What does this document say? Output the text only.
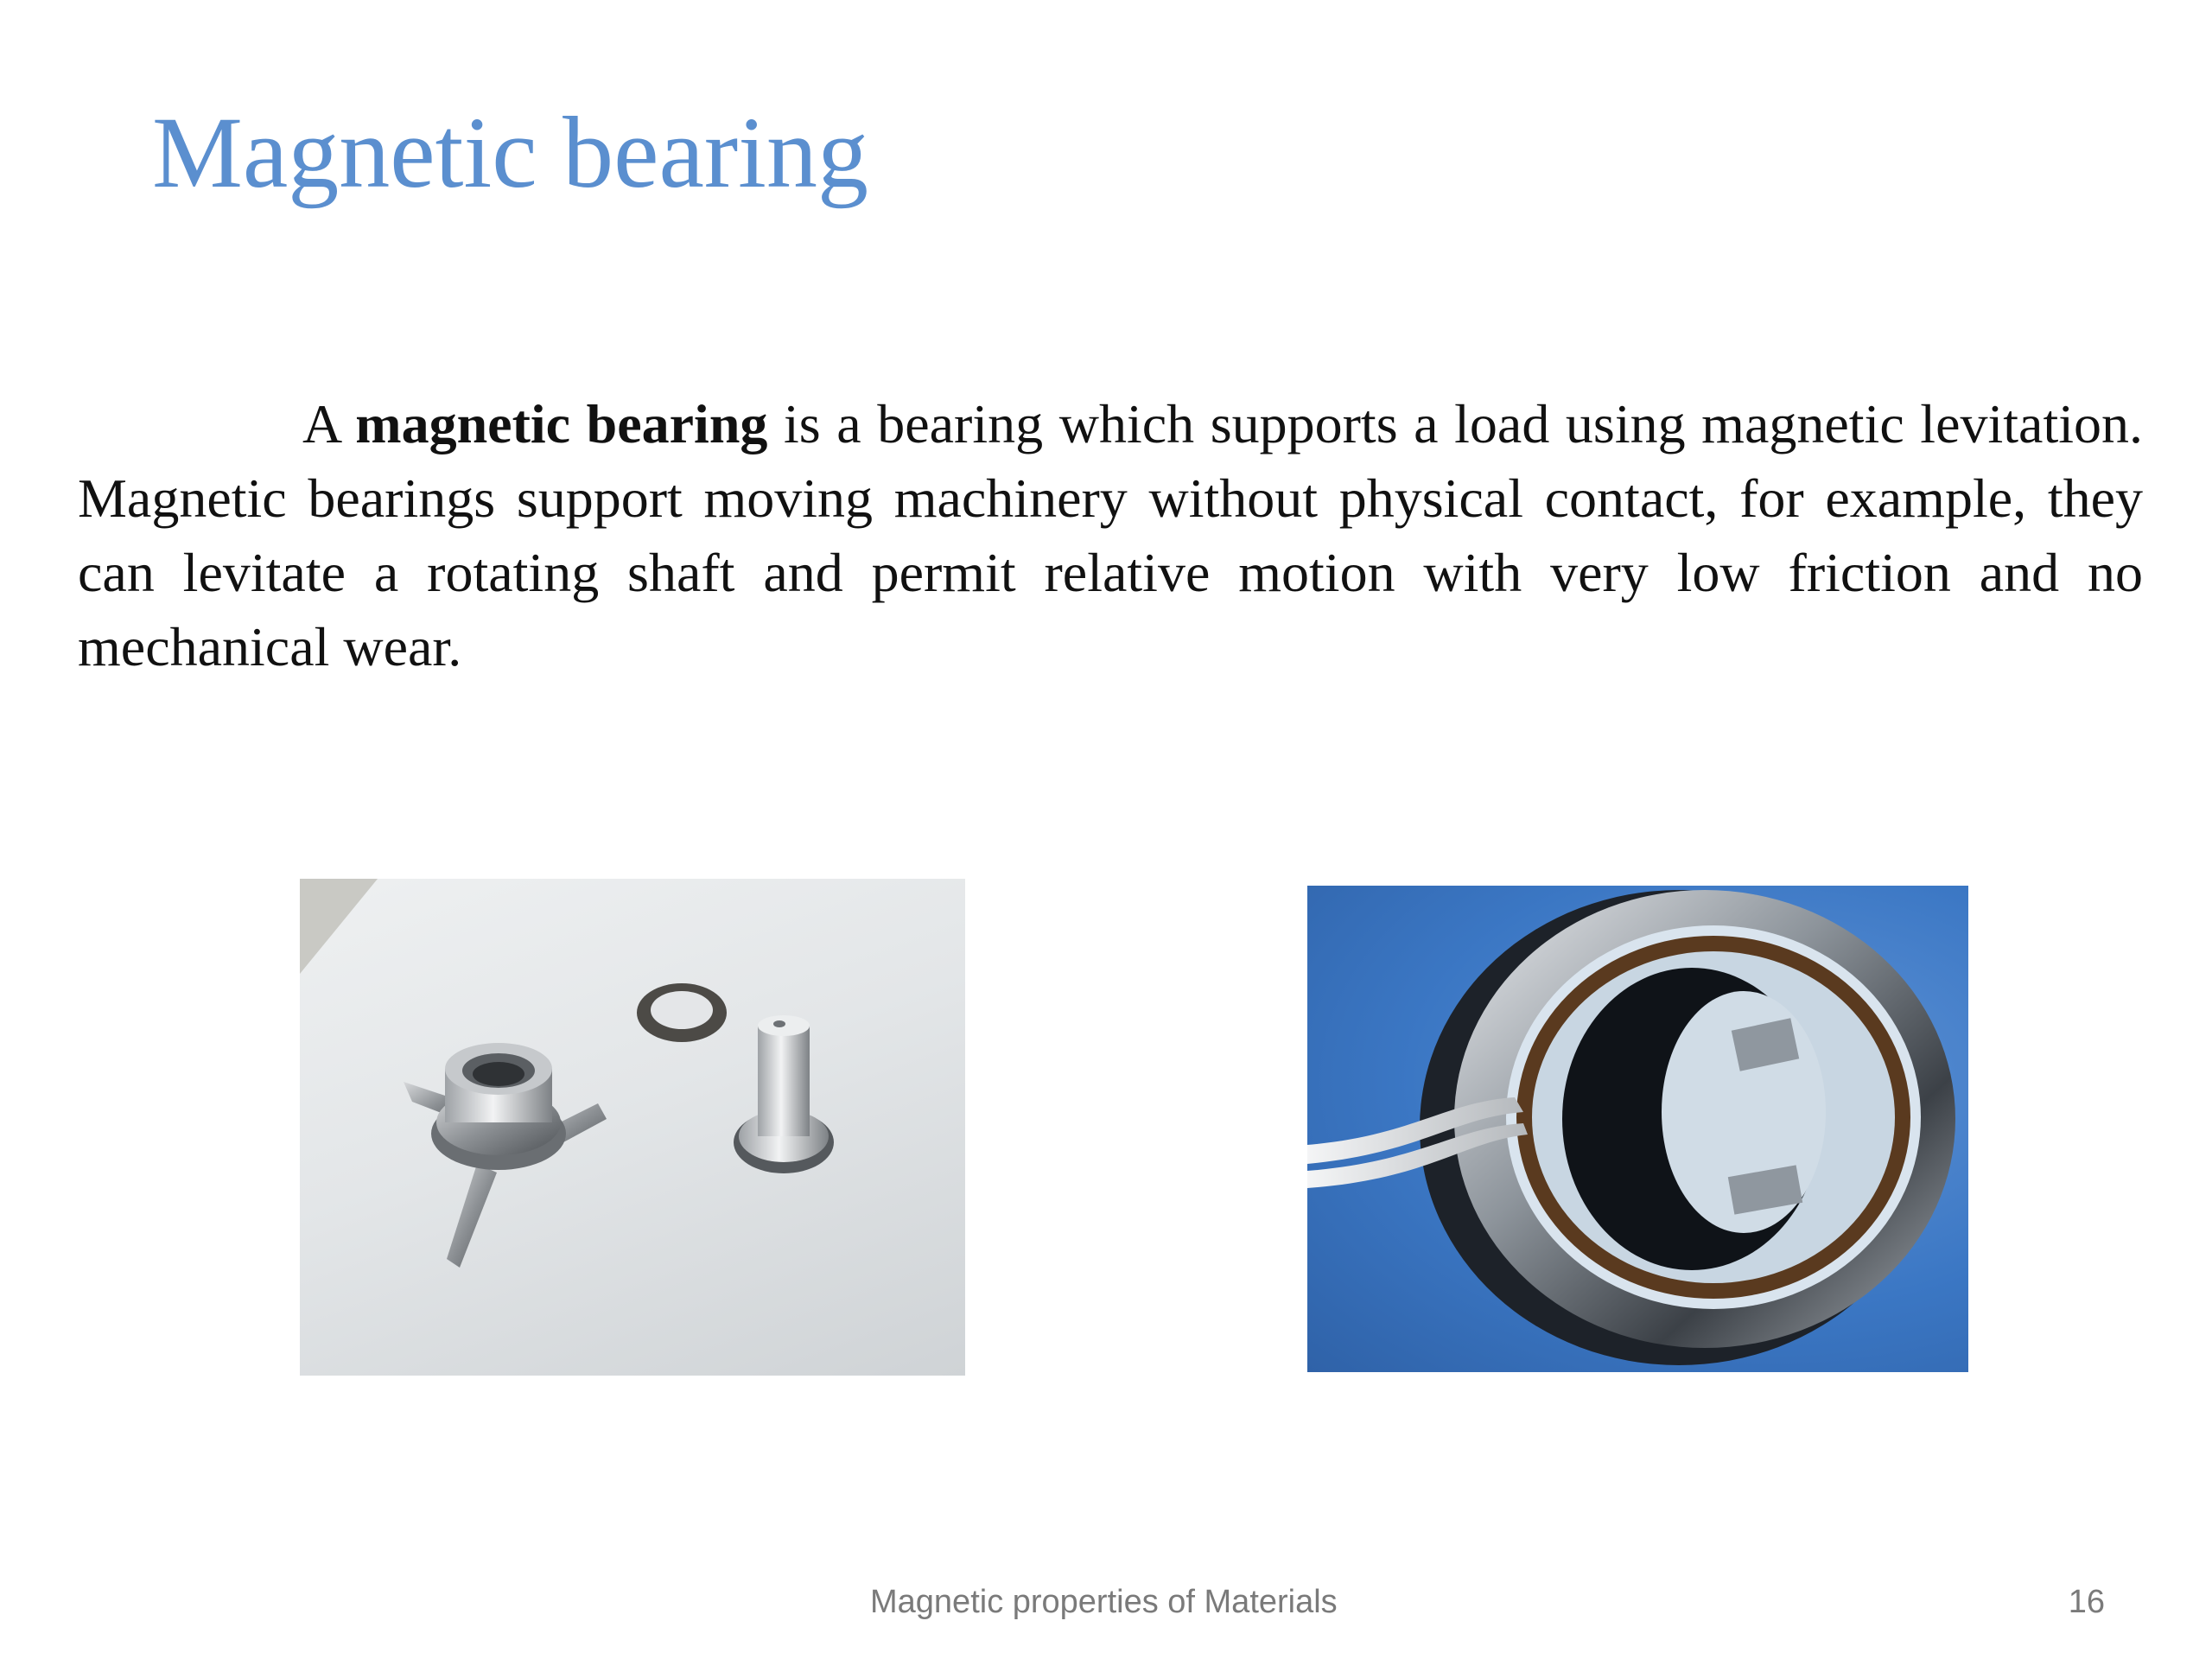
Magnetic bearing

A magnetic bearing is a bearing which supports a load using magnetic levitation. Magnetic bearings support moving machinery without physical contact, for example, they can levitate a rotating shaft and permit relative motion with very low friction and no mechanical wear.

Magnetic properties of Materials	16
